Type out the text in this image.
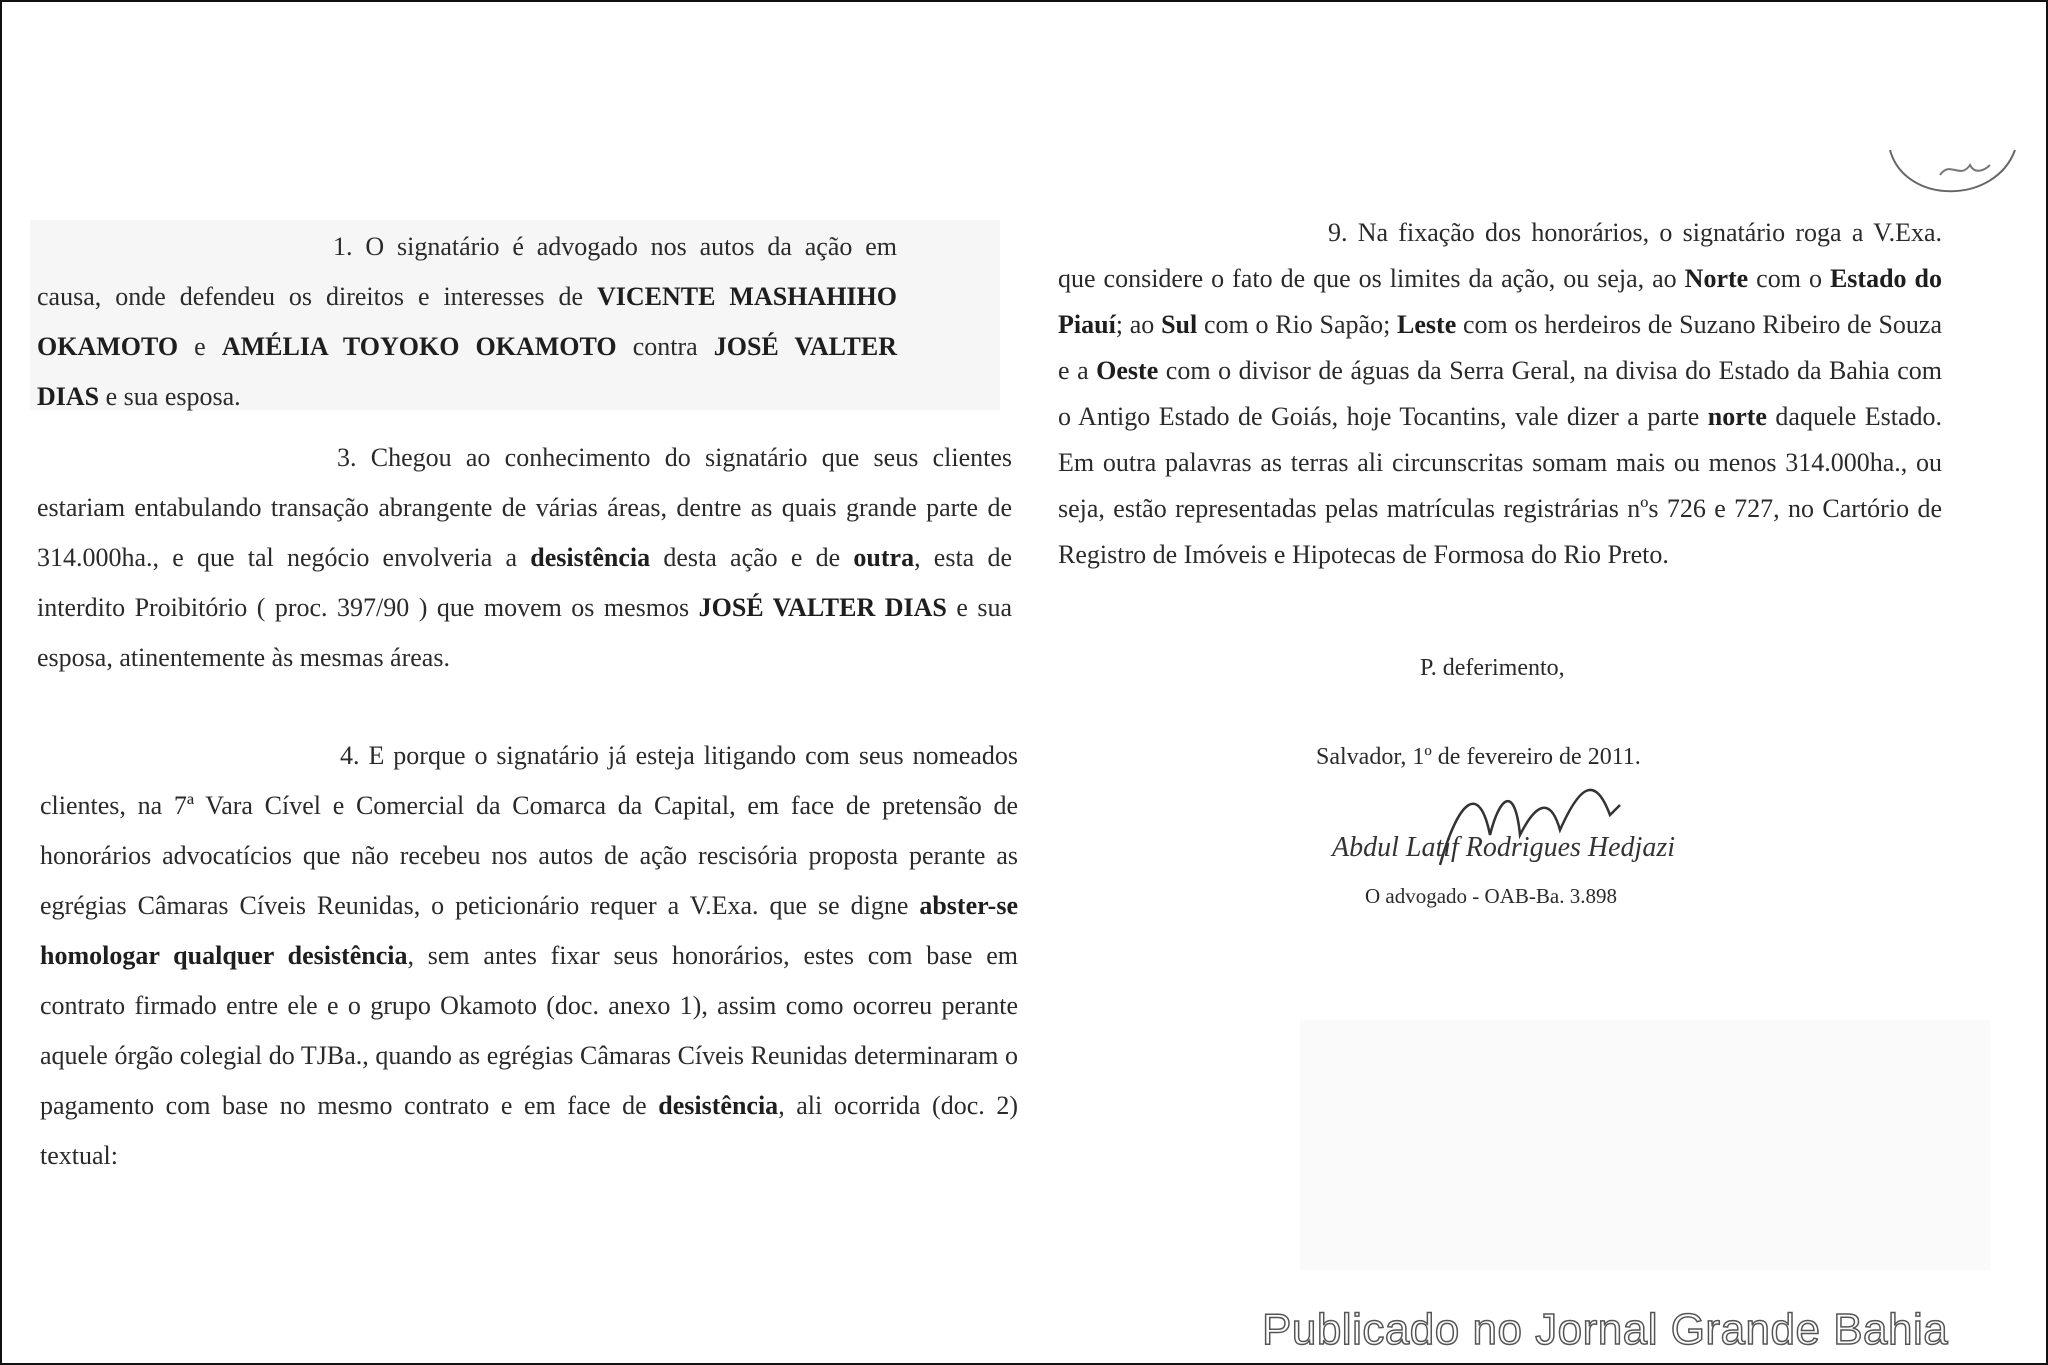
1. O signatário é advogado nos autos da ação em causa, onde defendeu os direitos e interesses de VICENTE MASHAHIHO OKAMOTO e AMÉLIA TOYOKO OKAMOTO contra JOSÉ VALTER DIAS e sua esposa.
3. Chegou ao conhecimento do signatário que seus clientes estariam entabulando transação abrangente de várias áreas, dentre as quais grande parte de 314.000ha., e que tal negócio envolveria a desistência desta ação e de outra, esta de interdito Proibitório ( proc. 397/90 ) que movem os mesmos JOSÉ VALTER DIAS e sua esposa, atinentemente às mesmas áreas.
4. E porque o signatário já esteja litigando com seus nomeados clientes, na 7ª Vara Cível e Comercial da Comarca da Capital, em face de pretensão de honorários advocatícios que não recebeu nos autos de ação rescisória proposta perante as egrégias Câmaras Cíveis Reunidas, o peticionário requer a V.Exa. que se digne abster-se homologar qualquer desistência, sem antes fixar seus honorários, estes com base em contrato firmado entre ele e o grupo Okamoto (doc. anexo 1), assim como ocorreu perante aquele órgão colegial do TJBa., quando as egrégias Câmaras Cíveis Reunidas determinaram o pagamento com base no mesmo contrato e em face de desistência, ali ocorrida (doc. 2) textual:
9. Na fixação dos honorários, o signatário roga a V.Exa. que considere o fato de que os limites da ação, ou seja, ao Norte com o Estado do Piauí; ao Sul com o Rio Sapão; Leste com os herdeiros de Suzano Ribeiro de Souza e a Oeste com o divisor de águas da Serra Geral, na divisa do Estado da Bahia com o Antigo Estado de Goiás, hoje Tocantins, vale dizer a parte norte daquele Estado. Em outra palavras as terras ali circunscritas somam mais ou menos 314.000ha., ou seja, estão representadas pelas matrículas registrárias nºs 726 e 727, no Cartório de Registro de Imóveis e Hipotecas de Formosa do Rio Preto.
P. deferimento,
Salvador, 1º de fevereiro de 2011.
Abdul Latif Rodrigues Hedjazi
O advogado - OAB-Ba. 3.898
Publicado no Jornal Grande Bahia
